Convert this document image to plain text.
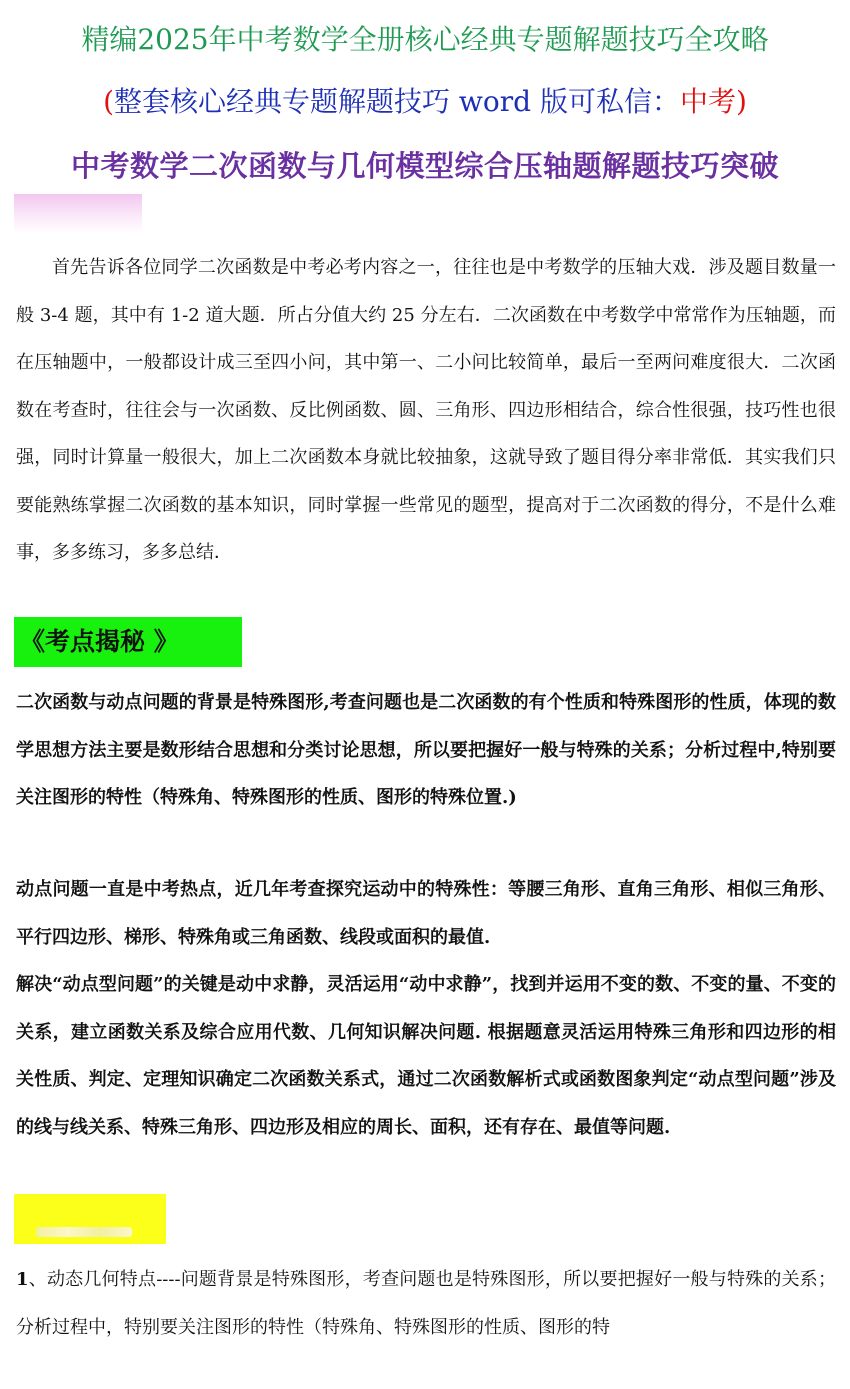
精编2025年中考数学全册核心经典专题解题技巧全攻略
(整套核心经典专题解题技巧 word 版可私信：中考)
中考数学二次函数与几何模型综合压轴题解题技巧突破

首先告诉各位同学二次函数是中考必考内容之一，往往也是中考数学的压轴大戏．涉及题目数量一般 3-4 题，其中有 1-2 道大题．所占分值大约 25 分左右．二次函数在中考数学中常常作为压轴题，而在压轴题中，一般都设计成三至四小问，其中第一、二小问比较简单，最后一至两问难度很大．二次函数在考查时，往往会与一次函数、反比例函数、圆、三角形、四边形相结合，综合性很强，技巧性也很强，同时计算量一般很大，加上二次函数本身就比较抽象，这就导致了题目得分率非常低．其实我们只要能熟练掌握二次函数的基本知识，同时掌握一些常见的题型，提高对于二次函数的得分，不是什么难事，多多练习，多多总结．

《考点揭秘 》

二次函数与动点问题的背景是特殊图形,考查问题也是二次函数的有个性质和特殊图形的性质，体现的数学思想方法主要是数形结合思想和分类讨论思想，所以要把握好一般与特殊的关系；分析过程中,特别要关注图形的特性（特殊角、特殊图形的性质、图形的特殊位置.)

动点问题一直是中考热点，近几年考查探究运动中的特殊性：等腰三角形、直角三角形、相似三角形、平行四边形、梯形、特殊角或三角函数、线段或面积的最值.

解决“动点型问题”的关键是动中求静，灵活运用“动中求静”，找到并运用不变的数、不变的量、不变的关系，建立函数关系及综合应用代数、几何知识解决问题. 根据题意灵活运用特殊三角形和四边形的相关性质、判定、定理知识确定二次函数关系式，通过二次函数解析式或函数图象判定“动点型问题”涉及的线与线关系、特殊三角形、四边形及相应的周长、面积，还有存在、最值等问题.

1、动态几何特点----问题背景是特殊图形，考查问题也是特殊图形，所以要把握好一般与特殊的关系；分析过程中，特别要关注图形的特性（特殊角、特殊图形的性质、图形的特
